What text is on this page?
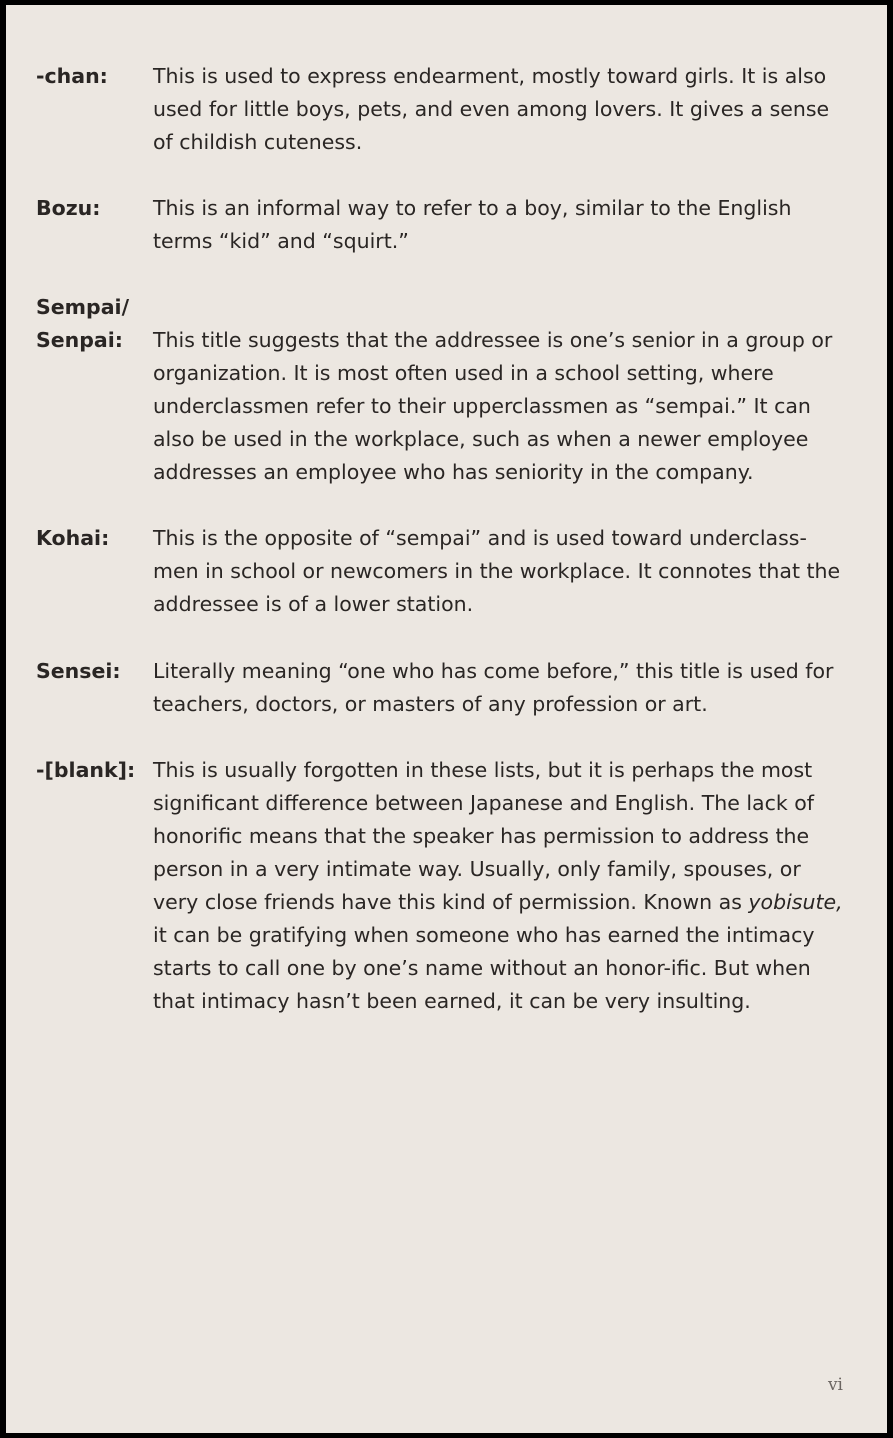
-chan: This is used to express endearment, mostly toward girls. It is also used for little boys, pets, and even among lovers. It gives a sense of childish cuteness.

Bozu:	This is an informal way to refer to a boy, similar to the English terms “kid” and “squirt.”

Sempai/
Senpai: This title suggests that the addressee is one’s senior in a group or organization. It is most often used in a school setting, where underclassmen refer to their upperclassmen as “sempai.” It can also be used in the workplace, such as when a newer employee addresses an employee who has seniority in the company.

Kohai: This is the opposite of “sempai” and is used toward underclass-men in school or newcomers in the workplace. It connotes that the addressee is of a lower station.

Sensei: Literally meaning “one who has come before,” this title is used for teachers, doctors, or masters of any profession or art.

-[blank]: This is usually forgotten in these lists, but it is perhaps the most significant difference between Japanese and English. The lack of honorific means that the speaker has permission to address the person in a very intimate way. Usually, only family, spouses, or very close friends have this kind of permission. Known as yobisute, it can be gratifying when someone who has earned the intimacy starts to call one by one’s name without an honor-ific. But when that intimacy hasn’t been earned, it can be very insulting.

vi
